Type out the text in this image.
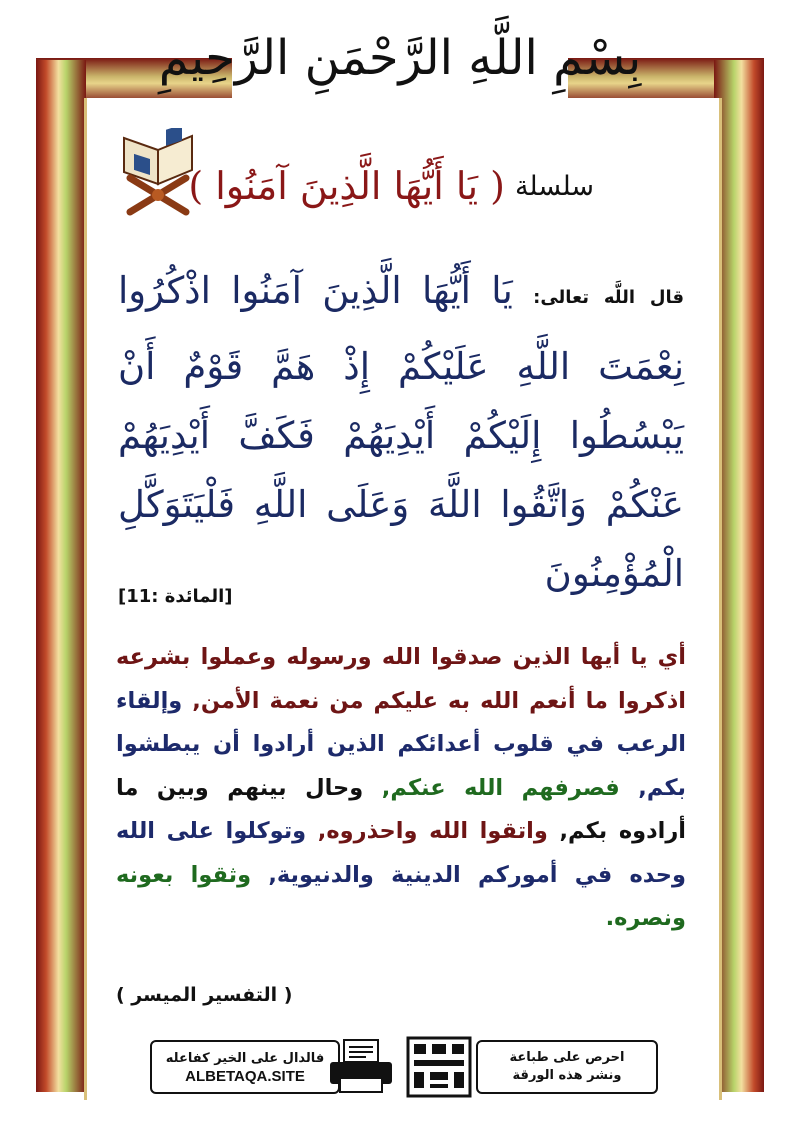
بِسْمِ اللَّهِ الرَّحْمَنِ الرَّحِيمِ
سلسلة
( يَا أَيُّهَا الَّذِينَ آمَنُوا )
قال اللَّه تعالى: يَا أَيُّهَا الَّذِينَ آمَنُوا اذْكُرُوا نِعْمَتَ اللَّهِ عَلَيْكُمْ إِذْ هَمَّ قَوْمٌ أَنْ يَبْسُطُوا إِلَيْكُمْ أَيْدِيَهُمْ فَكَفَّ أَيْدِيَهُمْ عَنْكُمْ وَاتَّقُوا اللَّهَ وَعَلَى اللَّهِ فَلْيَتَوَكَّلِ الْمُؤْمِنُونَ
[المائدة :11]
أي يا أيها الذين صدقوا الله ورسوله وعملوا بشرعه اذكروا ما أنعم الله به عليكم من نعمة الأمن, وإلقاء الرعب في قلوب أعدائكم الذين أرادوا أن يبطشوا بكم, فصرفهم الله عنكم, وحال بينهم وبين ما أرادوه بكم, واتقوا الله واحذروه, وتوكلوا على الله وحده في أموركم الدينية والدنيوية, وثقوا بعونه ونصره.
( التفسير الميسر )
فالدال على الخير كفاعله
ALBETAQA.SITE
احرص على طباعة
ونشر هذه الورقة
